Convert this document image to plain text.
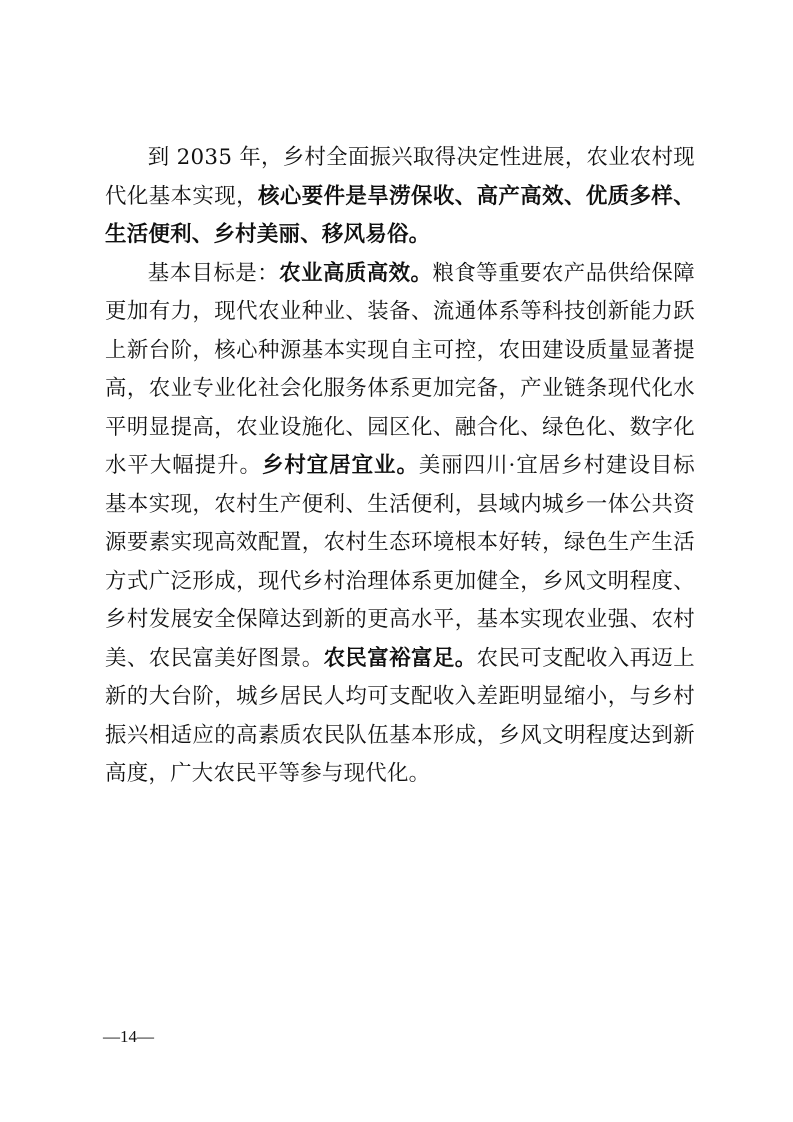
到 2035 年，乡村全面振兴取得决定性进展，农业农村现代化基本实现，核心要件是旱涝保收、高产高效、优质多样、生活便利、乡村美丽、移风易俗。

基本目标是：农业高质高效。粮食等重要农产品供给保障更加有力，现代农业种业、装备、流通体系等科技创新能力跃上新台阶，核心种源基本实现自主可控，农田建设质量显著提高，农业专业化社会化服务体系更加完备，产业链条现代化水平明显提高，农业设施化、园区化、融合化、绿色化、数字化水平大幅提升。乡村宜居宜业。美丽四川·宜居乡村建设目标基本实现，农村生产便利、生活便利，县域内城乡一体公共资源要素实现高效配置，农村生态环境根本好转，绿色生产生活方式广泛形成，现代乡村治理体系更加健全，乡风文明程度、乡村发展安全保障达到新的更高水平，基本实现农业强、农村美、农民富美好图景。农民富裕富足。农民可支配收入再迈上新的大台阶，城乡居民人均可支配收入差距明显缩小，与乡村振兴相适应的高素质农民队伍基本形成，乡风文明程度达到新高度，广大农民平等参与现代化。

—14—
